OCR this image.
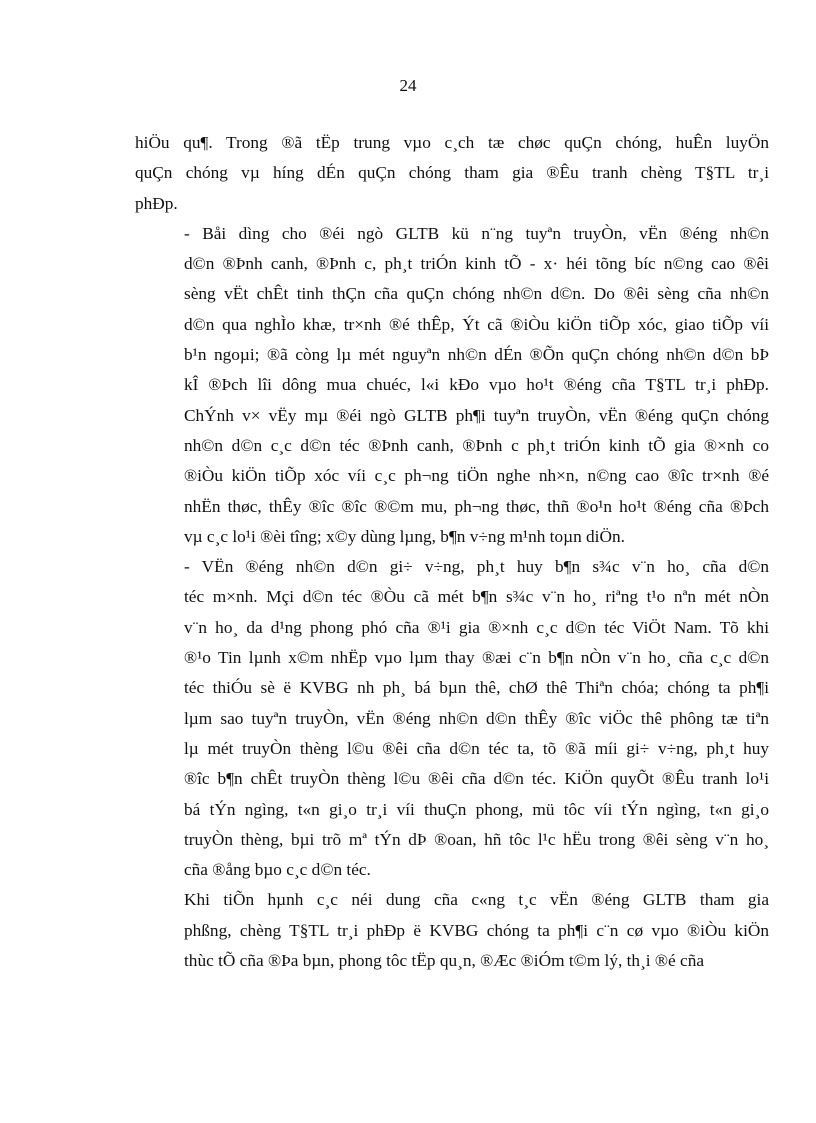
24

hiÖu qu¶. Trong ®ã tËp trung vµo c¸ch tæ chøc quÇn chóng, huÊn luyÖn
quÇn chóng vµ híng dÉn quÇn chóng tham gia ®Êu tranh chèng T§TL tr¸i
phÐp.

- Båi dìng cho ®éi ngò GLTB kü n¨ng tuyªn truyÒn, vËn ®éng nh©n
d©n ®Þnh canh, ®Þnh c, ph¸t triÓn kinh tÕ - x· héi tõng bíc n©ng cao ®êi
sèng vËt chÊt tinh thÇn cña quÇn chóng nh©n d©n. Do ®êi sèng cña nh©n
d©n qua nghÌo khæ, tr×nh ®é thÊp, Ýt cã ®iÒu kiÖn tiÕp xóc, giao tiÕp víi
b¹n ngoµi; ®ã còng lµ mét nguyªn nh©n dÉn ®Õn quÇn chóng nh©n d©n bÞ
kÎ ®Þch lîi dông mua chuéc, l«i kÐo vµo ho¹t ®éng cña T§TL tr¸i phÐp.
ChÝnh v× vËy mµ ®éi ngò GLTB ph¶i tuyªn truyÒn, vËn ®éng quÇn chóng
nh©n d©n c¸c d©n téc ®Þnh canh, ®Þnh c ph¸t triÓn kinh tÕ gia ®×nh co
®iÒu kiÖn tiÕp xóc víi c¸c ph¬ng tiÖn nghe nh×n, n©ng cao ®îc tr×nh ®é
nhËn thøc, thÊy ®îc ®îc ®©m mu, ph¬ng thøc, thñ ®o¹n ho¹t ®éng cña ®Þch
vµ c¸c lo¹i ®èi tîng; x©y dùng lµng, b¶n v÷ng m¹nh toµn diÖn.

- VËn ®éng nh©n d©n gi÷ v÷ng, ph¸t huy b¶n s¾c v¨n ho¸ cña d©n
téc m×nh. Mçi d©n téc ®Òu cã mét b¶n s¾c v¨n ho¸ riªng t¹o nªn mét nÒn
v¨n ho¸ da d¹ng phong phó cña ®¹i gia ®×nh c¸c d©n téc ViÖt Nam. Tõ khi
®¹o Tin lµnh x©m nhËp vµo lµm thay ®æi c¨n b¶n nÒn v¨n ho¸ cña c¸c d©n
téc thiÓu sè ë KVBG nh ph¸ bá bµn thê, chØ thê Thiªn chóa; chóng ta ph¶i
lµm sao tuyªn truyÒn, vËn ®éng nh©n d©n thÊy ®îc viÖc thê phông tæ tiªn
lµ mét truyÒn thèng l©u ®êi cña d©n téc ta, tõ ®ã míi gi÷ v÷ng, ph¸t huy
®îc b¶n chÊt truyÒn thèng l©u ®êi cña d©n téc. KiÖn quyÕt ®Êu tranh lo¹i
bá tÝn ngìng, t«n gi¸o tr¸i víi thuÇn phong, mü tôc víi tÝn ngìng, t«n gi¸o
truyÒn thèng, bµi trõ mª tÝn dÞ ®oan, hñ tôc l¹c hËu trong ®êi sèng v¨n ho¸
cña ®ång bµo c¸c d©n téc.

Khi tiÕn hµnh c¸c néi dung cña c«ng t¸c vËn ®éng GLTB tham gia
phßng, chèng T§TL tr¸i phÐp ë KVBG chóng ta ph¶i c¨n cø vµo ®iÒu kiÖn
thùc tÕ cña ®Þa bµn, phong tôc tËp qu¸n, ®Æc ®iÓm t©m lý, th¸i ®é cña
